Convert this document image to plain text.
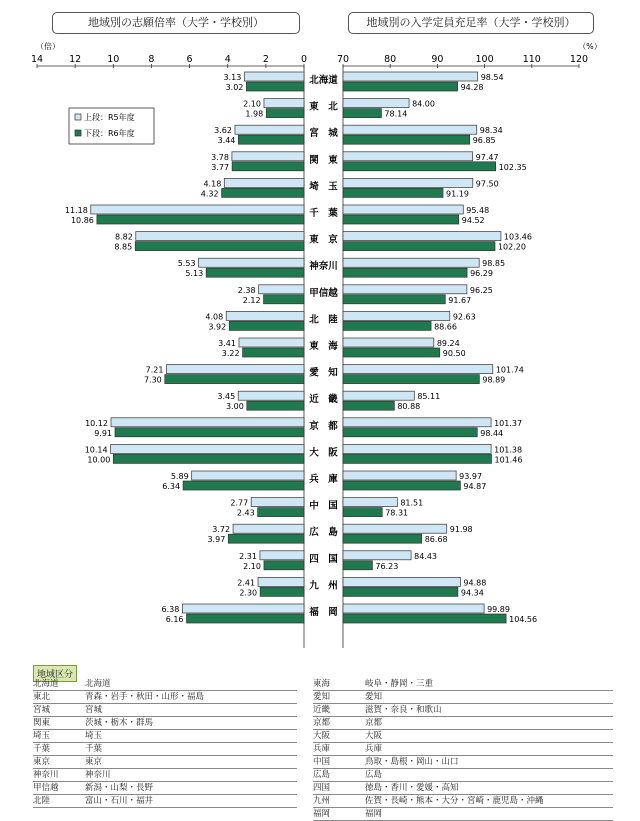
地域別の志願倍率（大学・学校別）	地域別の入学定員充足率（大学・学校別）
（倍）	（%）
14	12	10	8	6	4	2	0	70	80	90	100	110	120
上段：R5年度
下段：R6年度
北海道
3.13
3.02
98.54
94.28
東　北
2.10
1.98
84.00
78.14
宮　城
3.62
3.44
98.34
96.85
関　東
3.78
3.77
97.47
102.35
埼　玉
4.18
4.32
97.50
91.19
千　葉
11.18
10.86
95.48
94.52
東　京
8.82
8.85
103.46
102.20
神奈川
5.53
5.13
98.85
96.29
甲信越
2.38
2.12
96.25
91.67
北　陸
4.08
3.92
92.63
88.66
東　海
3.41
3.22
89.24
90.50
愛　知
7.21
7.30
101.74
98.89
近　畿
3.45
3.00
85.11
80.88
京　都
10.12
9.91
101.37
98.44
大　阪
10.14
10.00
101.38
101.46
兵　庫
5.89
6.34
93.97
94.87
中　国
2.77
2.43
81.51
78.31
広　島
3.72
3.97
91.98
86.68
四　国
2.31
2.10
84.43
76.23
九　州
2.41
2.30
94.88
94.34
福　岡
6.38
6.16
99.89
104.56
地域区分
北海道	北海道
東北	青森・岩手・秋田・山形・福島
宮城	宮城
関東	茨城・栃木・群馬
埼玉	埼玉
千葉	千葉
東京	東京
神奈川	神奈川
甲信越	新潟・山梨・長野
北陸	富山・石川・福井
東海	岐阜・静岡・三重
愛知	愛知
近畿	滋賀・奈良・和歌山
京都	京都
大阪	大阪
兵庫	兵庫
中国	鳥取・島根・岡山・山口
広島	広島
四国	徳島・香川・愛媛・高知
九州	佐賀・長崎・熊本・大分・宮崎・鹿児島・沖縄
福岡	福岡
